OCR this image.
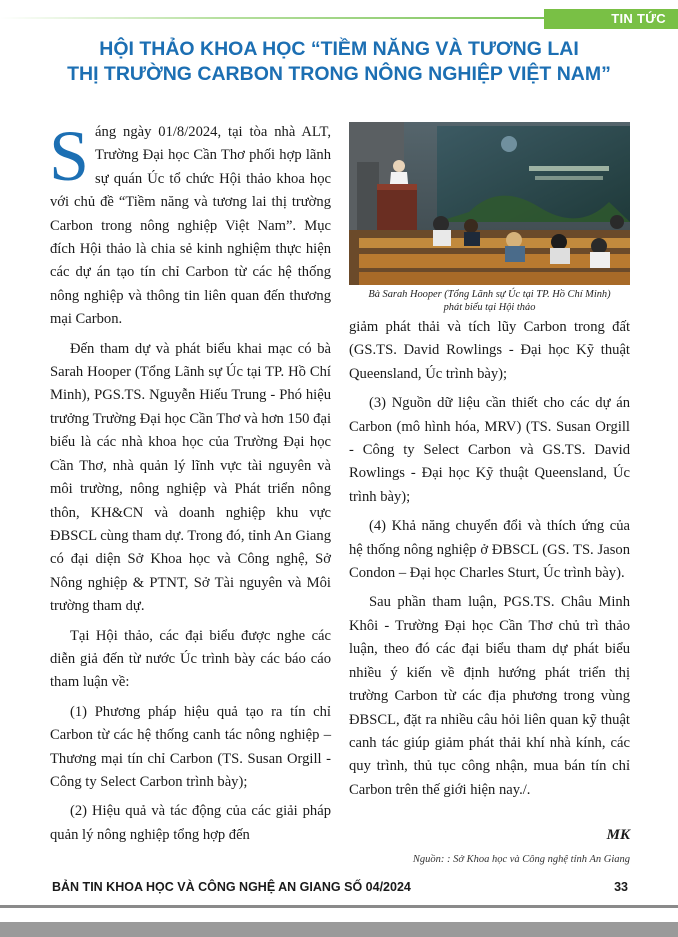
TIN TỨC
HỘI THẢO KHOA HỌC “TIỀM NĂNG VÀ TƯƠNG LAI
THỊ TRƯỜNG CARBON TRONG NÔNG NGHIỆP VIỆT NAM”

Sáng ngày 01/8/2024, tại tòa nhà ALT, Trường Đại học Cần Thơ phối hợp lãnh sự quán Úc tổ chức Hội thảo khoa học với chủ đề “Tiềm năng và tương lai thị trường Carbon trong nông nghiệp Việt Nam”. Mục đích Hội thảo là chia sẻ kinh nghiệm thực hiện các dự án tạo tín chỉ Carbon từ các hệ thống nông nghiệp và thông tin liên quan đến thương mại Carbon.

Đến tham dự và phát biểu khai mạc có bà Sarah Hooper (Tổng Lãnh sự Úc tại TP. Hồ Chí Minh), PGS.TS. Nguyễn Hiếu Trung - Phó hiệu trưởng Trường Đại học Cần Thơ và hơn 150 đại biểu là các nhà khoa học của Trường Đại học Cần Thơ, nhà quản lý lĩnh vực tài nguyên và môi trường, nông nghiệp và Phát triển nông thôn, KH&CN và doanh nghiệp khu vực ĐBSCL cùng tham dự. Trong đó, tỉnh An Giang có đại diện Sở Khoa học và Công nghệ, Sở Nông nghiệp & PTNT, Sở Tài nguyên và Môi trường tham dự.

Tại Hội thảo, các đại biểu được nghe các diễn giả đến từ nước Úc trình bày các báo cáo tham luận về:

(1) Phương pháp hiệu quả tạo ra tín chỉ Carbon từ các hệ thống canh tác nông nghiệp – Thương mại tín chỉ Carbon (TS. Susan Orgill - Công ty Select Carbon trình bày);

(2) Hiệu quả và tác động của các giải pháp quản lý nông nghiệp tổng hợp đến

Bà Sarah Hooper (Tổng Lãnh sự Úc tại TP. Hồ Chí Minh)
phát biểu tại Hội thảo

giảm phát thải và tích lũy Carbon trong đất (GS.TS. David Rowlings - Đại học Kỹ thuật Queensland, Úc trình bày);

(3) Nguồn dữ liệu cần thiết cho các dự án Carbon (mô hình hóa, MRV) (TS. Susan Orgill - Công ty Select Carbon và GS.TS. David Rowlings - Đại học Kỹ thuật Queensland, Úc trình bày);

(4) Khả năng chuyển đổi và thích ứng của hệ thống nông nghiệp ở ĐBSCL (GS. TS. Jason Condon – Đại học Charles Sturt, Úc trình bày).

Sau phần tham luận, PGS.TS. Châu Minh Khôi - Trường Đại học Cần Thơ chủ trì thảo luận, theo đó các đại biểu tham dự phát biểu nhiều ý kiến về định hướng phát triển thị trường Carbon từ các địa phương trong vùng ĐBSCL, đặt ra nhiều câu hỏi liên quan kỹ thuật canh tác giúp giảm phát thải khí nhà kính, các quy trình, thủ tục công nhận, mua bán tín chỉ Carbon trên thế giới hiện nay./.

MK
Nguồn: : Sở Khoa học và Công nghệ tỉnh An Giang
BẢN TIN KHOA HỌC VÀ CÔNG NGHỆ AN GIANG SỐ 04/2024	33
